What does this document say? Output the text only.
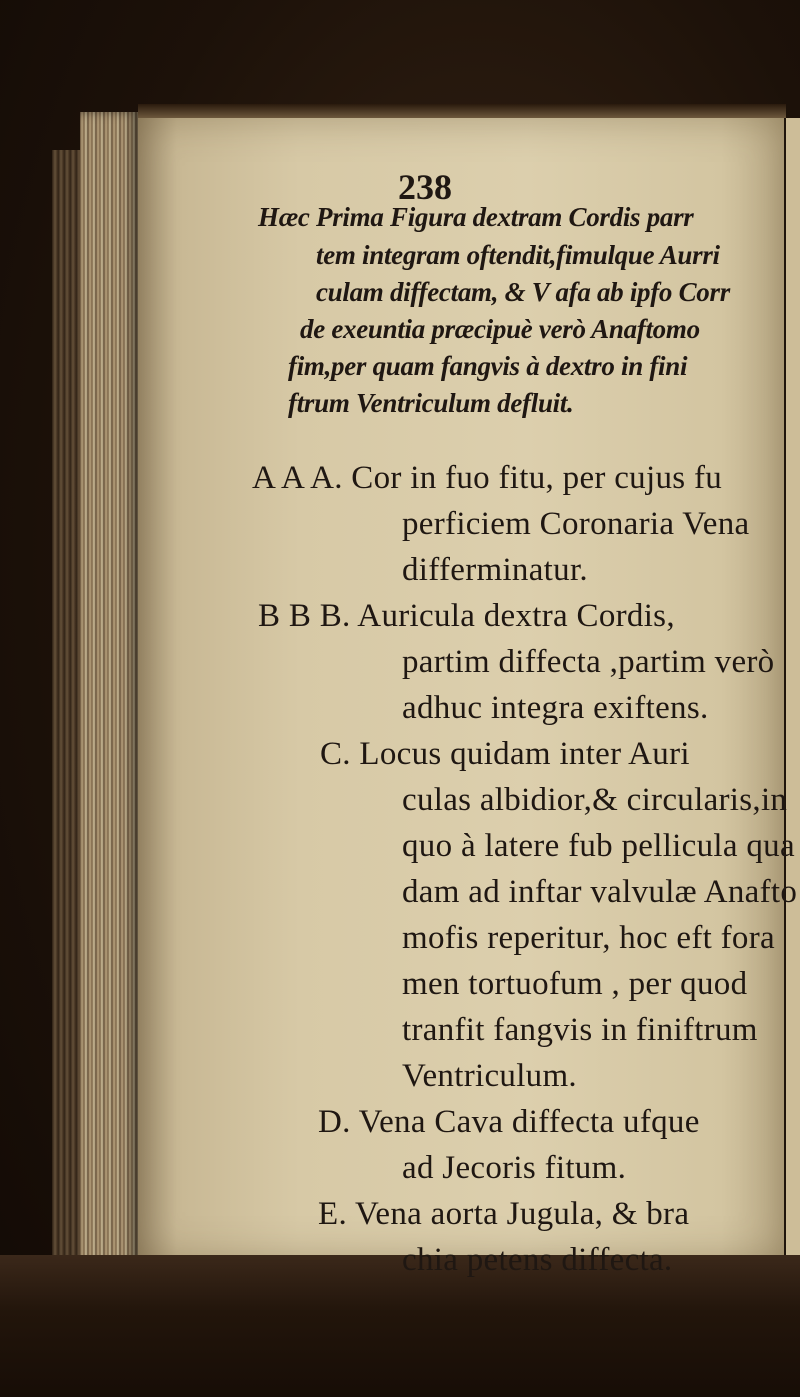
238
Hæc Prima Figura dextram Cordis parr
tem integram oftendit,fimulque Aurri
culam diffectam, & V afa ab ipfo Corr
de exeuntia præcipuè verò Anaftomo
fim,per quam fangvis à dextro in fini
ftrum Ventriculum defluit.
A A A. Cor in fuo fitu, per cujus fu
perficiem Coronaria Vena
differminatur.
B B B. Auricula dextra Cordis,
partim diffecta ,partim verò
adhuc integra exiftens.
C. Locus quidam inter Auri
culas albidior,& circularis,in
quo à latere fub pellicula qua
dam ad inftar valvulæ Anafto
mofis reperitur, hoc eft fora
men tortuofum , per quod
tranfit fangvis in finiftrum
Ventriculum.
D. Vena Cava diffecta ufque
ad Jecoris fitum.
E. Vena aorta Jugula, & bra
chia petens diffecta.
